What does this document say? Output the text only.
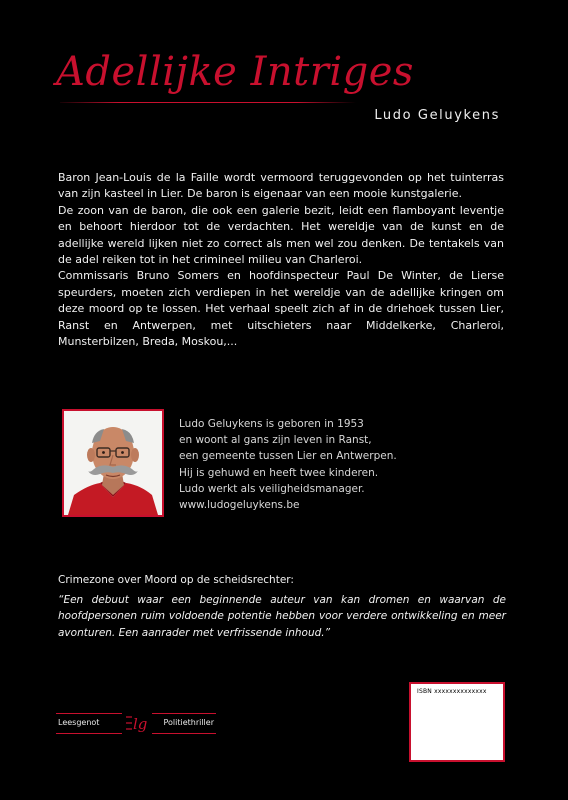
Adellijke Intriges
Ludo Geluykens

Baron Jean-Louis de la Faille wordt vermoord teruggevonden op het tuinterras van zijn kasteel in Lier. De baron is eigenaar van een mooie kunstgalerie.

De zoon van de baron, die ook een galerie bezit, leidt een flamboyant leventje en behoort hierdoor tot de verdachten. Het wereldje van de kunst en de adellijke wereld lijken niet zo correct als men wel zou denken. De tentakels van de adel reiken tot in het crimineel milieu van Charleroi.

Commissaris Bruno Somers en hoofdinspecteur Paul De Winter, de Lierse speurders, moeten zich verdiepen in het wereldje van de adellijke kringen om deze moord op te lossen. Het verhaal speelt zich af in de driehoek tussen Lier, Ranst en Antwerpen, met uitschieters naar Middelkerke, Charleroi, Munsterbilzen, Breda, Moskou,...

Ludo Geluykens is geboren in 1953
en woont al gans zijn leven in Ranst,
een gemeente tussen Lier en Antwerpen.
Hij is gehuwd en heeft twee kinderen.
Ludo werkt als veiligheidsmanager.
www.ludogeluykens.be
Crimezone over Moord op de scheidsrechter:
“Een debuut waar een beginnende auteur van kan dromen en waarvan de hoofdpersonen ruim voldoende potentie hebben voor verdere ontwikkeling en meer avonturen. Een aanrader met verfrissende inhoud.”
Leesgenot	Politiethriller
lg
ISBN xxxxxxxxxxxxxx
